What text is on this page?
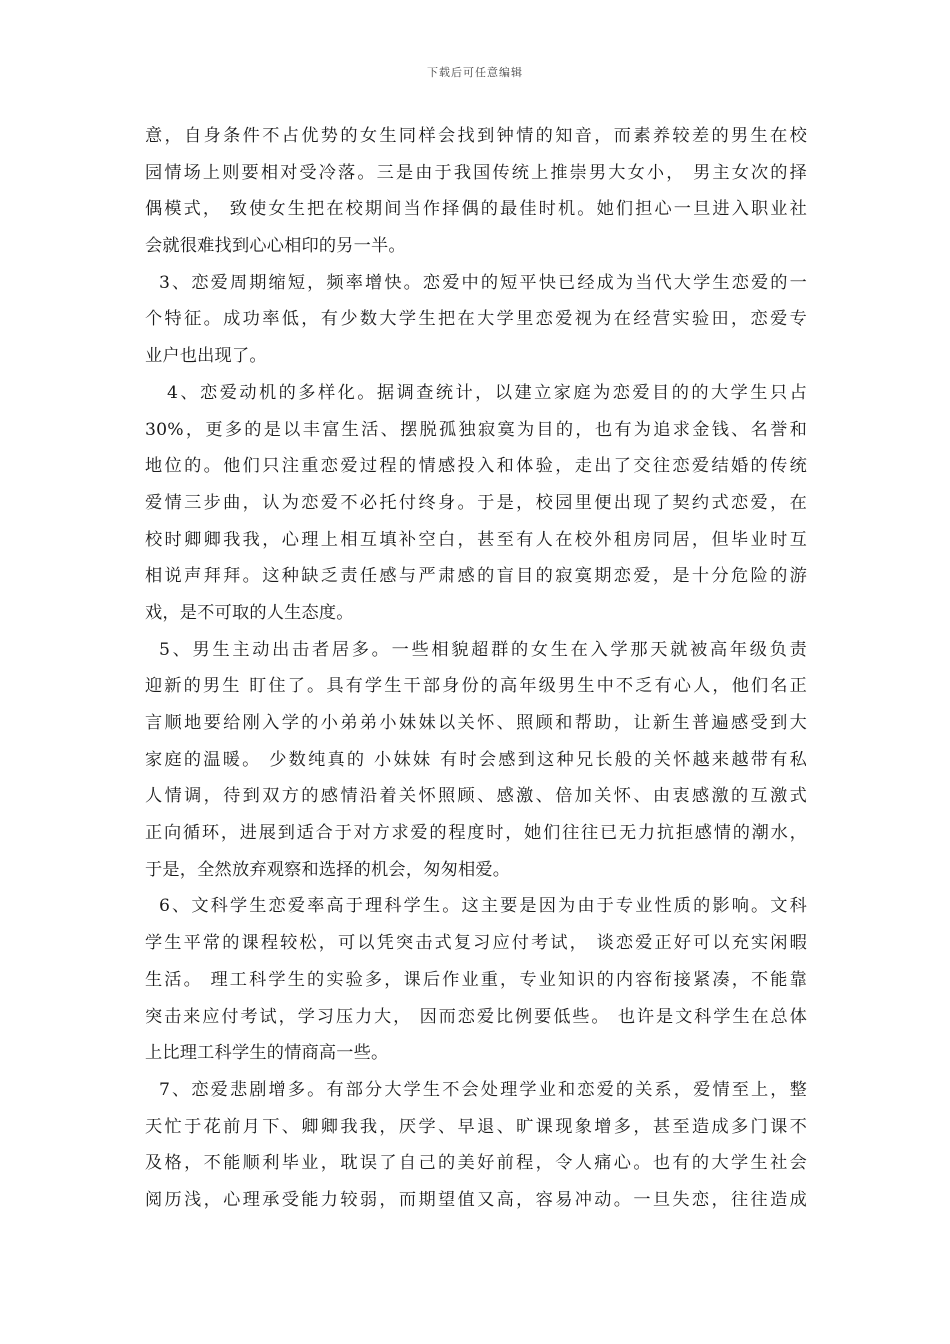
下载后可任意编辑
意，自身条件不占优势的女生同样会找到钟情的知音，而素养较差的男生在校
园情场上则要相对受冷落。三是由于我国传统上推崇男大女小， 男主女次的择
偶模式， 致使女生把在校期间当作择偶的最佳时机。她们担心一旦进入职业社
会就很难找到心心相印的另一半。
3、恋爱周期缩短，频率增快。恋爱中的短平快已经成为当代大学生恋爱的一
个特征。成功率低，有少数大学生把在大学里恋爱视为在经营实验田，恋爱专
业户也出现了。
4、恋爱动机的多样化。据调查统计，以建立家庭为恋爱目的的大学生只占
30%，更多的是以丰富生活、摆脱孤独寂寞为目的，也有为追求金钱、名誉和
地位的。他们只注重恋爱过程的情感投入和体验，走出了交往恋爱结婚的传统
爱情三步曲，认为恋爱不必托付终身。于是，校园里便出现了契约式恋爱，在
校时卿卿我我，心理上相互填补空白，甚至有人在校外租房同居，但毕业时互
相说声拜拜。这种缺乏责任感与严肃感的盲目的寂寞期恋爱，是十分危险的游
戏，是不可取的人生态度。
5、男生主动出击者居多。一些相貌超群的女生在入学那天就被高年级负责
迎新的男生 盯住了。具有学生干部身份的高年级男生中不乏有心人，他们名正
言顺地要给刚入学的小弟弟小妹妹以关怀、照顾和帮助，让新生普遍感受到大
家庭的温暖。 少数纯真的 小妹妹 有时会感到这种兄长般的关怀越来越带有私
人情调，待到双方的感情沿着关怀照顾、感激、倍加关怀、由衷感激的互激式
正向循环，进展到适合于对方求爱的程度时，她们往往已无力抗拒感情的潮水，
于是，全然放弃观察和选择的机会，匆匆相爱。
6、文科学生恋爱率高于理科学生。这主要是因为由于专业性质的影响。文科
学生平常的课程较松，可以凭突击式复习应付考试， 谈恋爱正好可以充实闲暇
生活。 理工科学生的实验多，课后作业重，专业知识的内容衔接紧凑，不能靠
突击来应付考试，学习压力大， 因而恋爱比例要低些。 也许是文科学生在总体
上比理工科学生的情商高一些。
7、恋爱悲剧增多。有部分大学生不会处理学业和恋爱的关系，爱情至上，整
天忙于花前月下、卿卿我我，厌学、早退、旷课现象增多，甚至造成多门课不
及格，不能顺利毕业，耽误了自己的美好前程，令人痛心。也有的大学生社会
阅历浅，心理承受能力较弱，而期望值又高，容易冲动。一旦失恋，往往造成
